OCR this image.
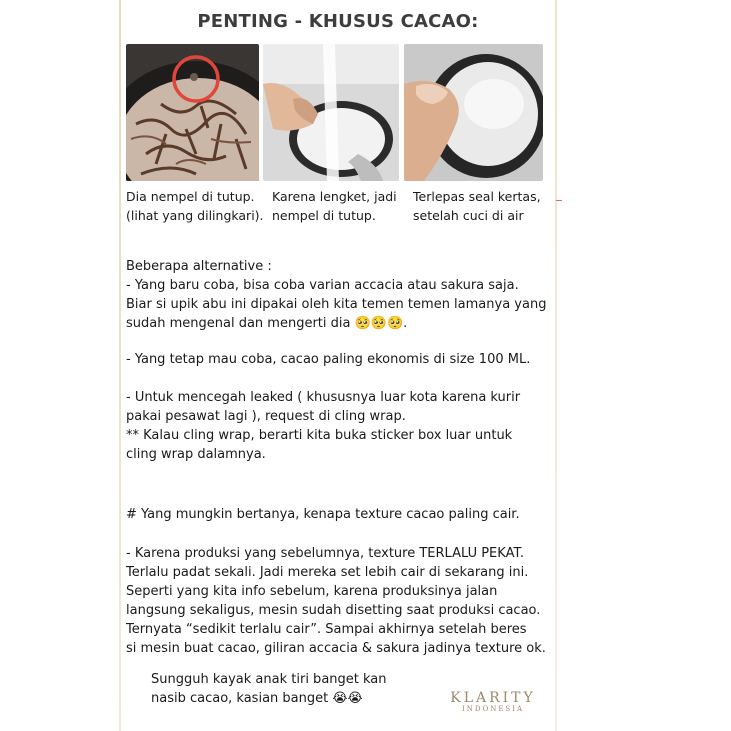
PENTING - KHUSUS CACAO:
Dia nempel di tutup.
(lihat yang dilingkari).
Karena lengket, jadi
nempel di tutup.
Terlepas seal kertas,
setelah cuci di air
Beberapa alternative :
- Yang baru coba, bisa coba varian accacia atau sakura saja.
Biar si upik abu ini dipakai oleh kita temen temen lamanya yang
sudah mengenal dan mengerti dia 🥺🥺🥺.
- Yang tetap mau coba, cacao paling ekonomis di size 100 ML.
- Untuk mencegah leaked ( khususnya luar kota karena kurir
pakai pesawat lagi ), request di cling wrap.
** Kalau cling wrap, berarti kita buka sticker box luar untuk
cling wrap dalamnya.
# Yang mungkin bertanya, kenapa texture cacao paling cair.
- Karena produksi yang sebelumnya, texture TERLALU PEKAT.
Terlalu padat sekali. Jadi mereka set lebih cair di sekarang ini.
Seperti yang kita info sebelum, karena produksinya jalan
langsung sekaligus, mesin sudah disetting saat produksi cacao.
Ternyata “sedikit terlalu cair”. Sampai akhirnya setelah beres
si mesin buat cacao, giliran accacia & sakura jadinya texture ok.
Sungguh kayak anak tiri banget kan
nasib cacao, kasian banget 😭😭	KLARITY
INDONESIA
